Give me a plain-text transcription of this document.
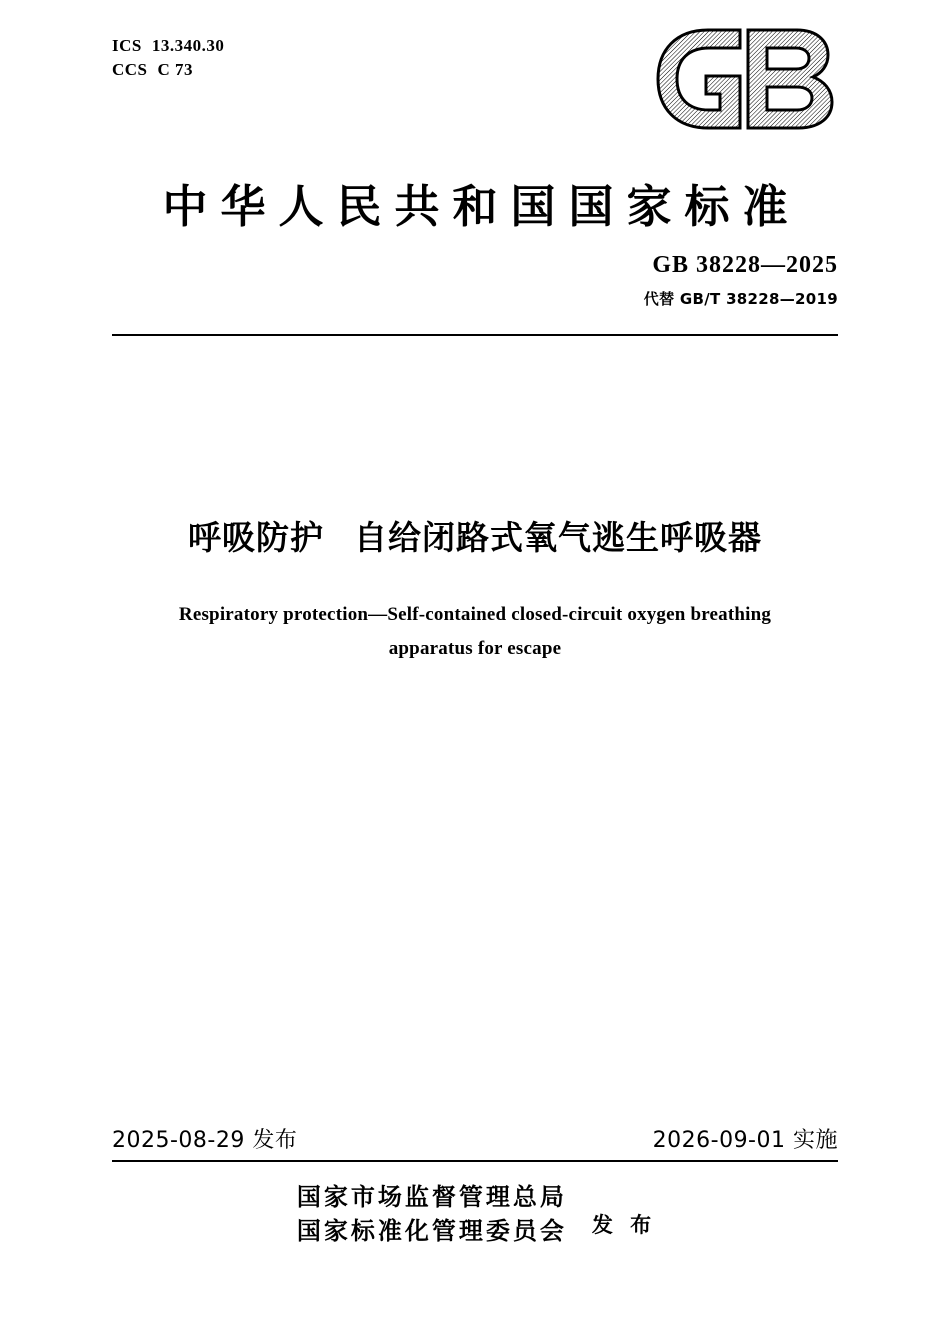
ICS 13.340.30
CCS C 73
中华人民共和国国家标准
GB 38228—2025
代替 GB/T 38228—2019
呼吸防护 自给闭路式氧气逃生呼吸器
Respiratory protection—Self-contained closed-circuit oxygen breathing
apparatus for escape
2025-08-29 发布	2026-09-01 实施
国家市场监督管理总局
国家标准化管理委员会 发 布
